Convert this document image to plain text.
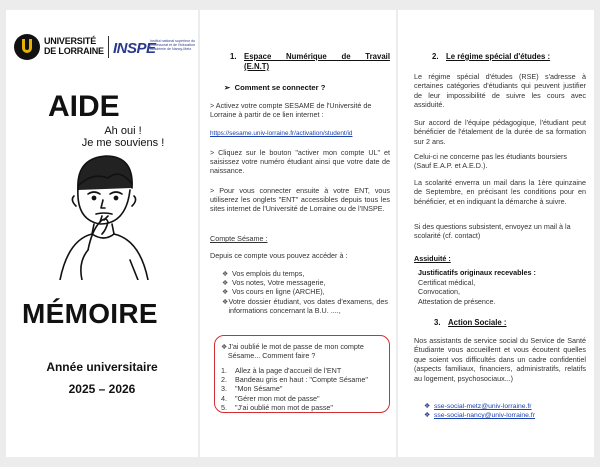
UNIVERSITÉ
DE LORRAINE INSPE
Institut national supérieur du professorat et de l'éducation Académie de Nancy-Metz
AIDE
Ah oui !
Je me souviens !
MÉMOIRE
Année universitaire
2025 – 2026
1. Espace Numérique de Travail
(E.N.T)
➢ Comment se connecter ?
> Activez votre compte SESAME de l'Université de Lorraine à partir de ce lien internet :
https://sesame.univ-lorraine.fr/activation/student/id
> Cliquez sur le bouton "activer mon compte UL" et saisissez votre numéro étudiant ainsi que votre date de naissance.
> Pour vous connecter ensuite à votre ENT, vous utiliserez les onglets "ENT" accessibles depuis tous les sites internet de l'Université de Lorraine ou de l'INSPE.
Compte Sésame :
Depuis ce compte vous pouvez accéder à :
❖ Vos emplois du temps,
❖ Vos notes, Votre messagerie,
❖ Vos cours en ligne (ARCHE),
❖ Votre dossier étudiant, vos dates d'examens, des informations concernant la B.U. ....,
❖ J'ai oublié le mot de passe de mon compte Sésame... Comment faire ?
1.	Allez à la page d'accueil de l'ENT
2.	Bandeau gris en haut : "Compte Sésame"
3.	"Mon Sésame"
4.	"Gérer mon mot de passe"
5.	"J'ai oublié mon mot de passe"
2. Le régime spécial d'études :
Le régime spécial d'études (RSE) s'adresse à certaines catégories d'étudiants qui peuvent justifier de leur impossibilité de suivre les cours avec assiduité.
Sur accord de l'équipe pédagogique, l'étudiant peut bénéficier de l'étalement de la durée de sa formation sur 2 ans.
Celui-ci ne concerne pas les étudiants boursiers (Sauf E.A.P. et A.E.D.).
La scolarité enverra un mail dans la 1ère quinzaine de Septembre, en précisant les conditions pour en bénéficier, et en indiquant la démarche à suivre.
Si des questions subsistent, envoyez un mail à la scolarité (cf. contact)
Assiduité :
Justificatifs originaux recevables :
Certificat médical,
Convocation,
Attestation de présence.
3. Action Sociale :
Nos assistants de service social du Service de Santé Étudiante vous accueillent et vous écoutent quelles que soient vos difficultés dans un cadre confidentiel (aspects familiaux, financiers, administratifs, relatifs au logement, psychosociaux...)
❖ sse-social-metz@univ-lorraine.fr
❖ sse-social-nancy@univ-lorraine.fr
